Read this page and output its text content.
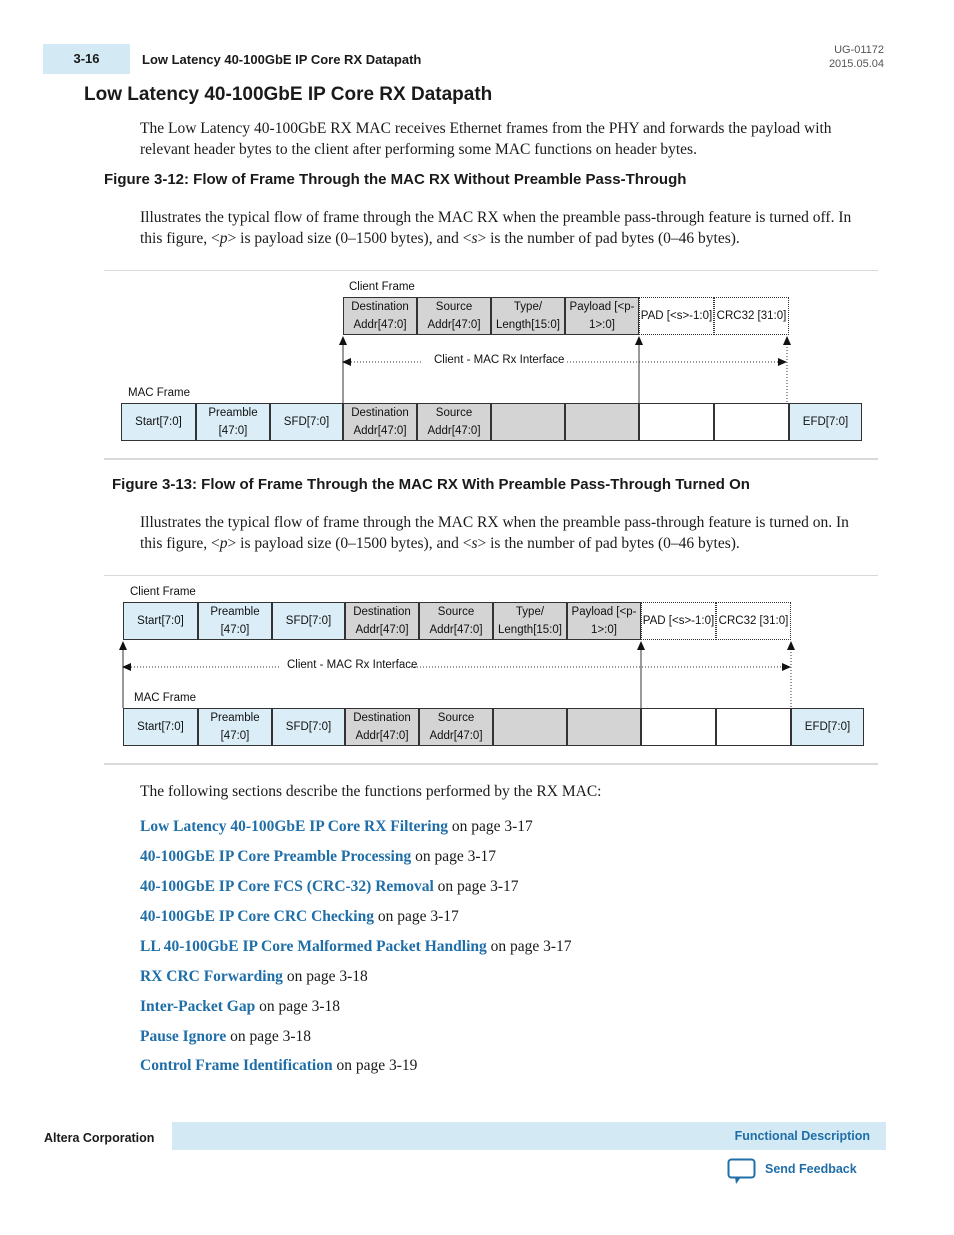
3-16	Low Latency 40-100GbE IP Core RX Datapath
UG-01172
2015.05.04
Low Latency 40-100GbE IP Core RX Datapath
The Low Latency 40-100GbE RX MAC receives Ethernet frames from the PHY and forwards the payload with relevant header bytes to the client after performing some MAC functions on header bytes.
Figure 3-12: Flow of Frame Through the MAC RX Without Preamble Pass-Through
Illustrates the typical flow of frame through the MAC RX when the preamble pass-through feature is turned off. In this figure, <p> is payload size (0–1500 bytes), and <s> is the number of pad bytes (0–46 bytes).
Client Frame
Destination Addr[47:0]
Source Addr[47:0]
Type/ Length[15:0]
Payload [<p-1>:0]
PAD [<s>-1:0] CRC32 [31:0]
Client - MAC Rx Interface
MAC Frame
Start[7:0]
Preamble [47:0]
SFD[7:0]
Destination Addr[47:0]
Source Addr[47:0]
EFD[7:0]
Figure 3-13: Flow of Frame Through the MAC RX With Preamble Pass-Through Turned On
Illustrates the typical flow of frame through the MAC RX when the preamble pass-through feature is turned on. In this figure, <p> is payload size (0–1500 bytes), and <s> is the number of pad bytes (0–46 bytes).
Client Frame
Start[7:0]
Preamble [47:0]
SFD[7:0]
Destination Addr[47:0]
Source Addr[47:0]
Type/ Length[15:0]
Payload [<p-1>:0]
PAD [<s>-1:0] CRC32 [31:0]
Client - MAC Rx Interface
MAC Frame
Start[7:0]
Preamble [47:0]
SFD[7:0]
Destination Addr[47:0]
Source Addr[47:0]
EFD[7:0]
The following sections describe the functions performed by the RX MAC:
Low Latency 40-100GbE IP Core RX Filtering on page 3-17
40-100GbE IP Core Preamble Processing on page 3-17
40-100GbE IP Core FCS (CRC-32) Removal on page 3-17
40-100GbE IP Core CRC Checking on page 3-17
LL 40-100GbE IP Core Malformed Packet Handling on page 3-17
RX CRC Forwarding on page 3-18
Inter-Packet Gap on page 3-18
Pause Ignore on page 3-18
Control Frame Identification on page 3-19
Altera Corporation	Functional Description
Send Feedback
